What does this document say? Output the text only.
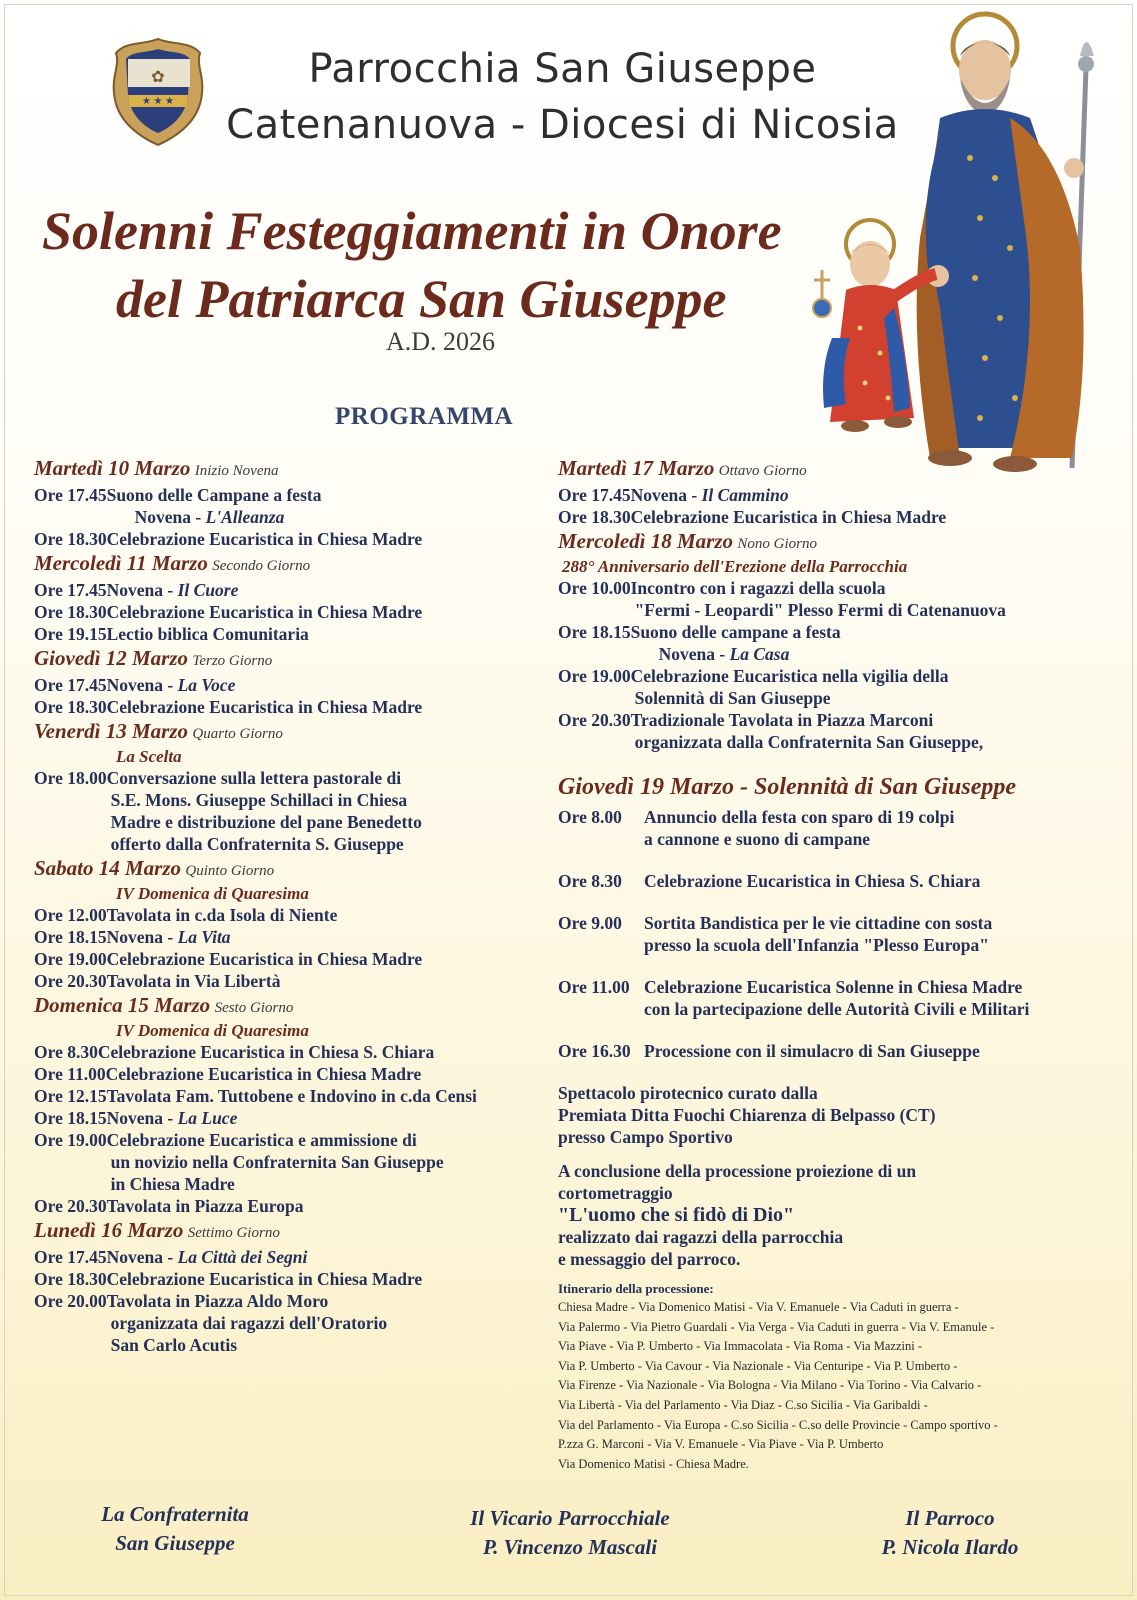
✿
★ ★ ★
Parrocchia San Giuseppe
Catenanuova - Diocesi di Nicosia
Solenni Festeggiamenti in Onore
del Patriarca San Giuseppe
A.D. 2026
PROGRAMMA
Martedì 10 Marzo Inizio Novena
Ore 17.45 Suono delle Campane a festa
Novena - L'Alleanza
Ore 18.30 Celebrazione Eucaristica in Chiesa Madre
Mercoledì 11 Marzo Secondo Giorno
Ore 17.45 Novena - Il Cuore
Ore 18.30 Celebrazione Eucaristica in Chiesa Madre
Ore 19.15 Lectio biblica Comunitaria
Giovedì 12 Marzo Terzo Giorno
Ore 17.45 Novena - La Voce
Ore 18.30 Celebrazione Eucaristica in Chiesa Madre
Venerdì 13 Marzo Quarto Giorno
La Scelta
Ore 18.00 Conversazione sulla lettera pastorale di
S.E. Mons. Giuseppe Schillaci in Chiesa
Madre e distribuzione del pane Benedetto
offerto dalla Confraternita S. Giuseppe
Sabato 14 Marzo Quinto Giorno
IV Domenica di Quaresima
Ore 12.00 Tavolata in c.da Isola di Niente
Ore 18.15 Novena - La Vita
Ore 19.00 Celebrazione Eucaristica in Chiesa Madre
Ore 20.30 Tavolata in Via Libertà
Domenica 15 Marzo Sesto Giorno
IV Domenica di Quaresima
Ore 8.30 Celebrazione Eucaristica in Chiesa S. Chiara
Ore 11.00 Celebrazione Eucaristica in Chiesa Madre
Ore 12.15 Tavolata Fam. Tuttobene e Indovino in c.da Censi
Ore 18.15 Novena - La Luce
Ore 19.00 Celebrazione Eucaristica e ammissione di
un novizio nella Confraternita San Giuseppe
in Chiesa Madre
Ore 20.30 Tavolata in Piazza Europa
Lunedì 16 Marzo Settimo Giorno
Ore 17.45 Novena - La Città dei Segni
Ore 18.30 Celebrazione Eucaristica in Chiesa Madre
Ore 20.00 Tavolata in Piazza Aldo Moro
organizzata dai ragazzi dell'Oratorio
San Carlo Acutis
Martedì 17 Marzo Ottavo Giorno
Ore 17.45 Novena - Il Cammino
Ore 18.30 Celebrazione Eucaristica in Chiesa Madre
Mercoledì 18 Marzo Nono Giorno
288° Anniversario dell'Erezione della Parrocchia
Ore 10.00 Incontro con i ragazzi della scuola
"Fermi - Leopardi" Plesso Fermi di Catenanuova
Ore 18.15 Suono delle campane a festa
Novena - La Casa
Ore 19.00 Celebrazione Eucaristica nella vigilia della
Solennità di San Giuseppe
Ore 20.30 Tradizionale Tavolata in Piazza Marconi
organizzata dalla Confraternita San Giuseppe,
Giovedì 19 Marzo - Solennità di San Giuseppe
Ore 8.00	Annuncio della festa con sparo di 19 colpi
a cannone e suono di campane
Ore 8.30	Celebrazione Eucaristica in Chiesa S. Chiara
Ore 9.00	Sortita Bandistica per le vie cittadine con sosta
presso la scuola dell'Infanzia "Plesso Europa"
Ore 11.00 Celebrazione Eucaristica Solenne in Chiesa Madre
con la partecipazione delle Autorità Civili e Militari
Ore 16.30 Processione con il simulacro di San Giuseppe
Spettacolo pirotecnico curato dalla
Premiata Ditta Fuochi Chiarenza di Belpasso (CT)
presso Campo Sportivo
A conclusione della processione proiezione di un
cortometraggio
"L'uomo che si fidò di Dio"
realizzato dai ragazzi della parrocchia
e messaggio del parroco.
Itinerario della processione:
Chiesa Madre - Via Domenico Matisi - Via V. Emanuele - Via Caduti in guerra -
Via Palermo - Via Pietro Guardali - Via Verga - Via Caduti in guerra - Via V. Emanule -
Via Piave - Via P. Umberto - Via Immacolata - Via Roma - Via Mazzini -
Via P. Umberto - Via Cavour - Via Nazionale - Via Centuripe - Via P. Umberto -
Via Firenze - Via Nazionale - Via Bologna - Via Milano - Via Torino - Via Calvario -
Via Libertà - Via del Parlamento - Via Diaz - C.so Sicilia - Via Garibaldi -
Via del Parlamento - Via Europa - C.so Sicilia - C.so delle Provincie - Campo sportivo -
P.zza G. Marconi - Via V. Emanuele - Via Piave - Via P. Umberto
Via Domenico Matisi - Chiesa Madre.
La Confraternita
San Giuseppe
Il Vicario Parrocchiale
P. Vincenzo Mascali
Il Parroco
P. Nicola Ilardo
